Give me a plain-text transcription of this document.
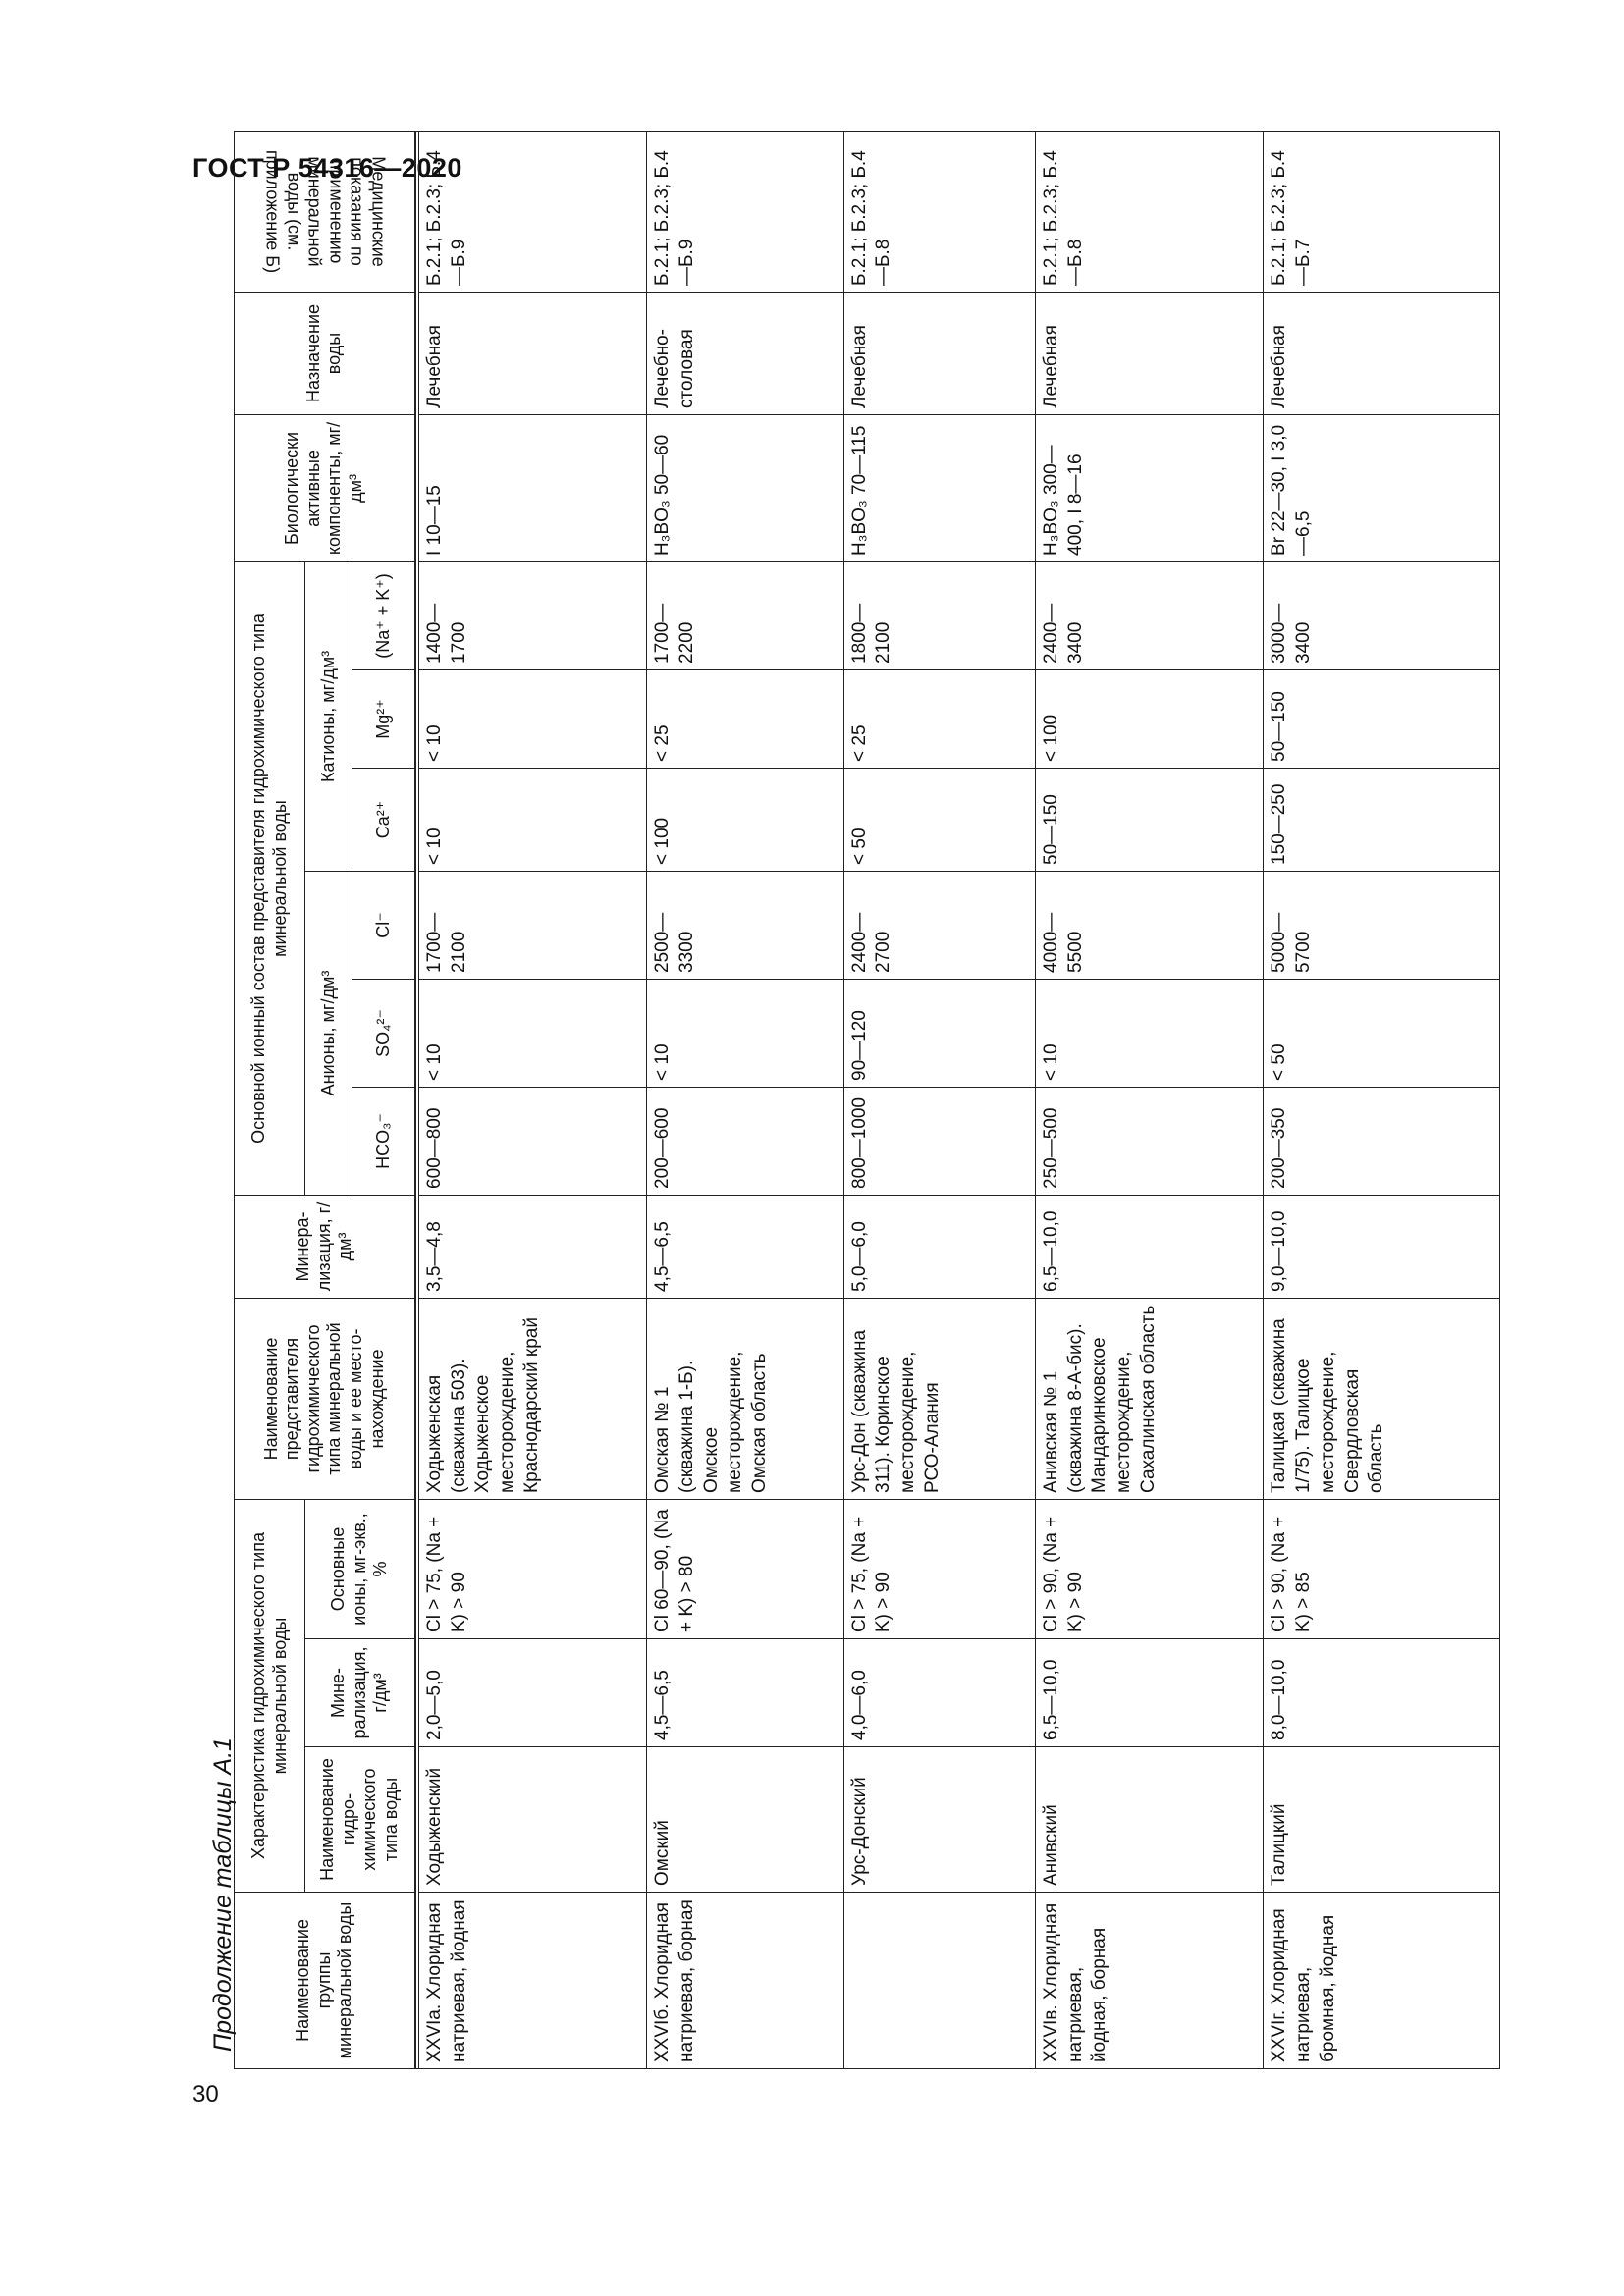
ГОСТ Р 54316—2020
30
Продолжение таблицы А.1	Наименование группы минеральной воды	Характеристика гидрохимического типа минеральной воды			Наименование представителя гидрохимического типа минеральной воды и ее местонахождение	Минерализация, г/дм³	Основной ионный состав представителя гидрохимического типа минеральной воды						Биологически активные компоненты, мг/дм³	Назначение воды	Медицинские показания по применению минеральной воды (см. приложение Б)

	Наименование гидрохимического типа воды	Минерализация, г/дм³	Основные ионы, мг-экв., %			Анионы, мг/дм³			Катионы, мг/дм³					
						HCO₃⁻	SO₄²⁻	Cl⁻	Ca²⁺	Mg²⁺	(Na⁺ + K⁺)			

XXVIа. Хлоридная натриевая, йодная	Ходыженский	2,0—5,0	Cl > 75, (Na + K) > 90	Ходыженская (скважина 503). Ходыженское месторождение, Краснодарский край	3,5—4,8	600—800	< 10	1700—2100	< 10	< 10	1400—1700	I 10—15	Лечебная	Б.2.1; Б.2.3; Б.4—Б.9
XXVIб. Хлоридная натриевая, борная	Омский	4,5—6,5	Cl 60—90, (Na + K) > 80	Омская № 1 (скважина 1-Б). Омское месторождение, Омская область	4,5—6,5	200—600	< 10	2500—3300	< 100	< 25	1700—2200	H₃BO₃ 50—60	Лечебно-столовая	Б.2.1; Б.2.3; Б.4—Б.9
	Урс-Донский	4,0—6,0	Cl > 75, (Na + K) > 90	Урс-Дон (скважина 311). Коринское месторождение, РСО-Алания	5,0—6,0	800—1000	90—120	2400—2700	< 50	< 25	1800—2100	H₃BO₃ 70—115	Лечебная	Б.2.1; Б.2.3; Б.4—Б.8
XXVIв. Хлоридная натриевая, йодная, борная	Анивский	6,5—10,0	Cl > 90, (Na + K) > 90	Анивская № 1 (скважина 8-А-бис). Мандаринковское месторождение, Сахалинская область	6,5—10,0	250—500	< 10	4000—5500	50—150	< 100	2400—3400	H₃BO₃ 300—400, I 8—16	Лечебная	Б.2.1; Б.2.3; Б.4—Б.8
XXVIг. Хлоридная натриевая, бромная, йодная	Талицкий	8,0—10,0	Cl > 90, (Na + K) > 85	Талицкая (скважина 1/75). Талицкое месторождение, Свердловская область	9,0—10,0	200—350	< 50	5000—5700	150—250	50—150	3000—3400	Br 22—30, I 3,0—6,5	Лечебная	Б.2.1; Б.2.3; Б.4—Б.7
